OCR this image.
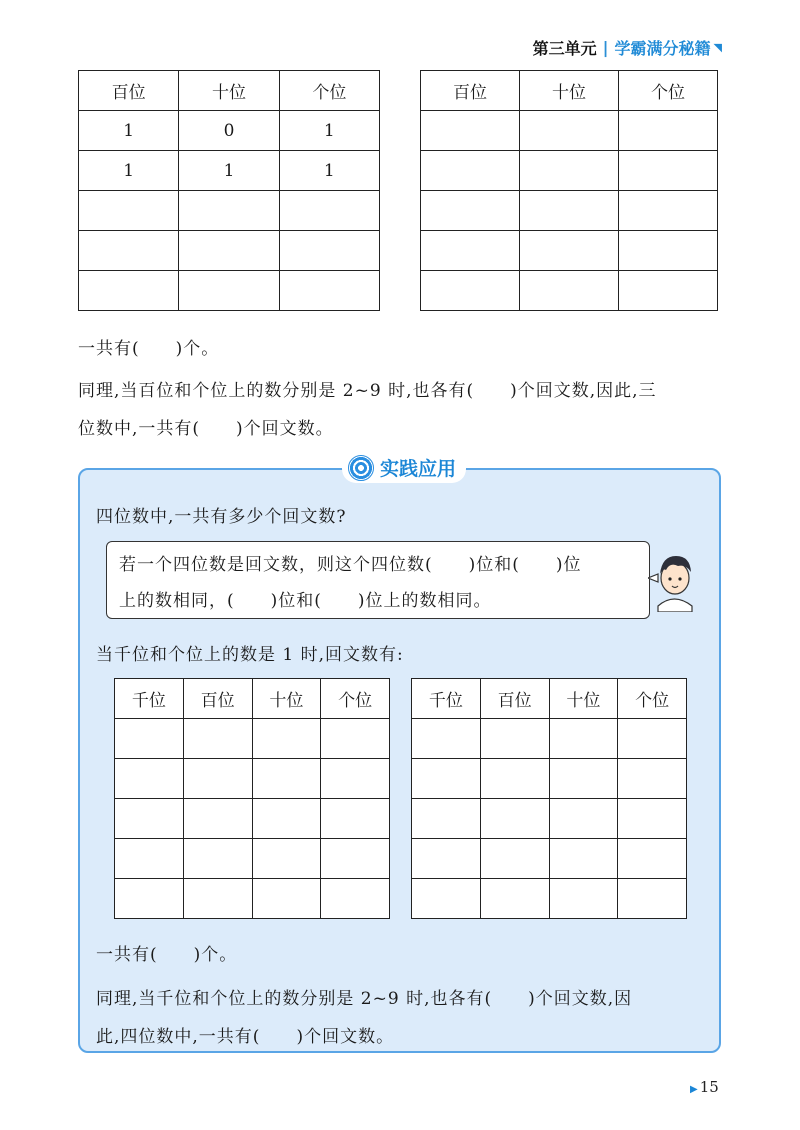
第三单元 | 学霸满分秘籍 ◥
百位	十位	个位
1	0	1
1	1	1

百位	十位	个位

一共有(　　)个。
同理,当百位和个位上的数分别是 2~9 时,也各有(　　)个回文数,因此,三
位数中,一共有(　　)个回文数。
实践应用
四位数中,一共有多少个回文数?
若一个四位数是回文数，则这个四位数(　　)位和(　　)位
上的数相同，(　　)位和(　　)位上的数相同。
当千位和个位上的数是 1 时,回文数有:
千位	百位	十位	个位

				千位	百位	十位	个位

一共有(　　)个。
同理,当千位和个位上的数分别是 2~9 时,也各有(　　)个回文数,因
此,四位数中,一共有(　　)个回文数。
▶ 15
